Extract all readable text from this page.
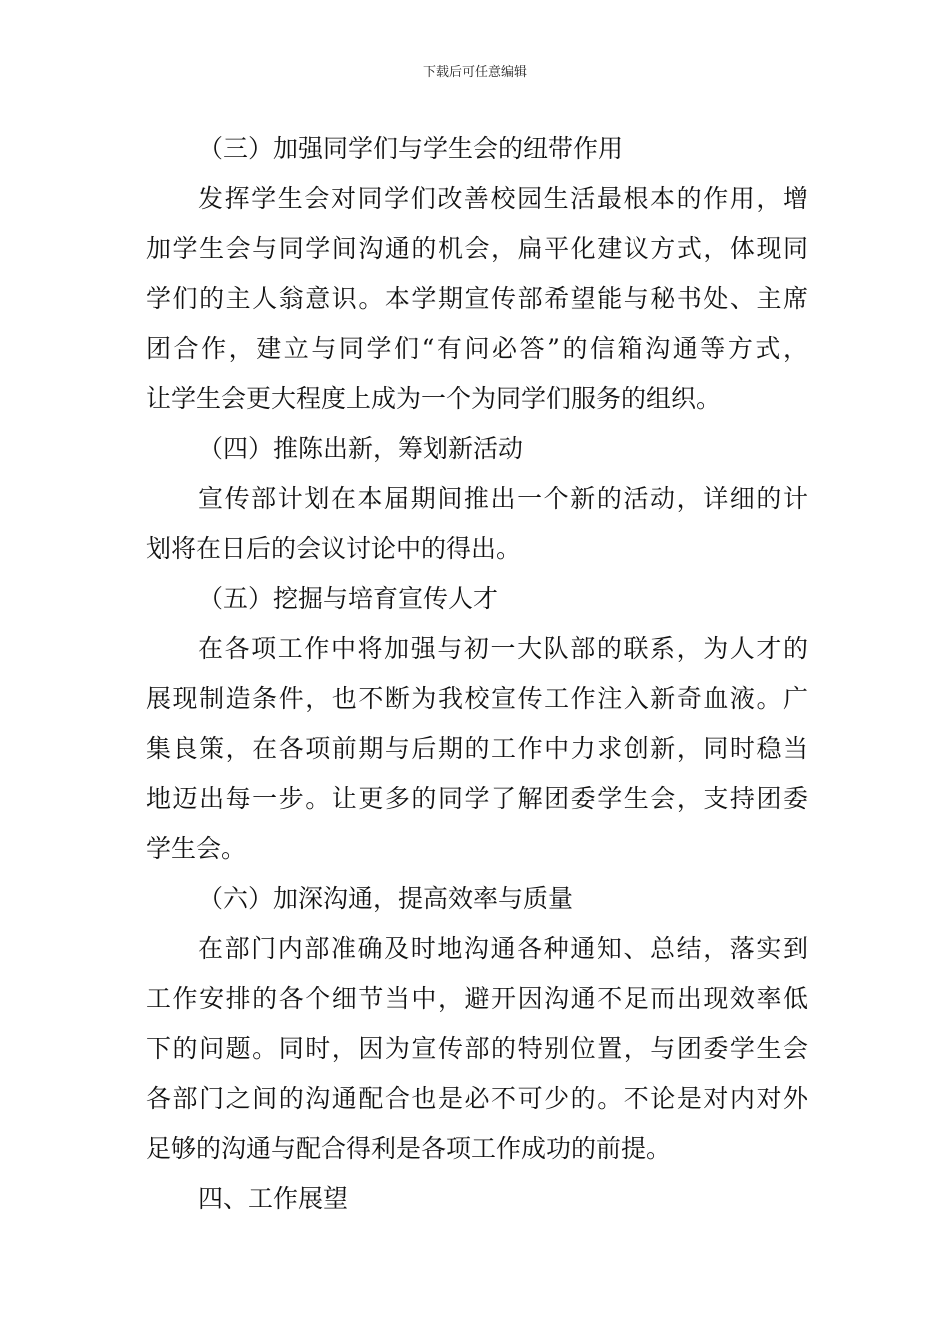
下载后可任意编辑
（三）加强同学们与学生会的纽带作用
发挥学生会对同学们改善校园生活最根本的作用，增
加学生会与同学间沟通的机会，扁平化建议方式，体现同
学们的主人翁意识。本学期宣传部希望能与秘书处、主席
团合作，建立与同学们“有问必答”的信箱沟通等方式，
让学生会更大程度上成为一个为同学们服务的组织。
（四）推陈出新，筹划新活动
宣传部计划在本届期间推出一个新的活动，详细的计
划将在日后的会议讨论中的得出。
（五）挖掘与培育宣传人才
在各项工作中将加强与初一大队部的联系，为人才的
展现制造条件，也不断为我校宣传工作注入新奇血液。广
集良策，在各项前期与后期的工作中力求创新，同时稳当
地迈出每一步。让更多的同学了解团委学生会，支持团委
学生会。
（六）加深沟通，提高效率与质量
在部门内部准确及时地沟通各种通知、总结，落实到
工作安排的各个细节当中，避开因沟通不足而出现效率低
下的问题。同时，因为宣传部的特别位置，与团委学生会
各部门之间的沟通配合也是必不可少的。不论是对内对外
足够的沟通与配合得利是各项工作成功的前提。
四、工作展望
